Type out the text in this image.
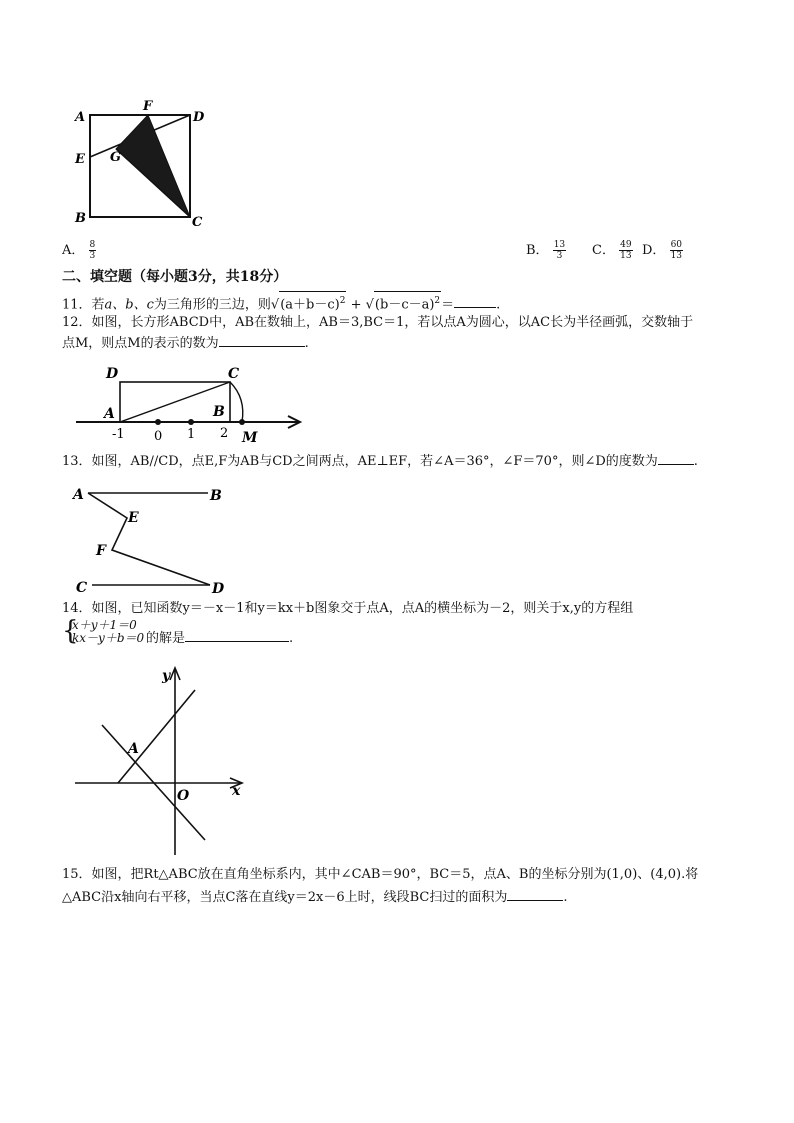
A
B	C
D
E
F
G
A． $\frac{8}{3}$	B． $\frac{13}{3}$ C． $\frac{49}{13}$ D． $\frac{60}{13}$
二、填空题（每小题3分，共18分）
11．若a、b、c为三角形的三边，则$√(a+b-c)^2 + √(b-c-a)^2=$	.
12．如图，长方形ABCD中，AB在数轴上，AB＝3,BC＝1，若以点A为圆心，以AC长为半径画弧，交数轴于
点M，则点M的表示的数为	.
D	C
A	B
M
-1 0 1 2
13．如图，AB//CD，点E,F为AB与CD之间两点，AE⊥EF，若∠A＝36°，∠F＝70°，则∠D的度数为	.
A	B
E
F
C	D
14．如图，已知函数y＝－x－1和y＝kx＋b图象交于点A，点A的横坐标为－2，则关于x,y的方程组
{
x＋y＋1＝0
kx－y＋b＝0 的解是	.
y
x
A
O
15．如图，把Rt△ABC放在直角坐标系内，其中∠CAB＝90°，BC＝5，点A、B的坐标分别为(1,0)、(4,0).将
△ABC沿x轴向右平移，当点C落在直线y＝2x－6上时，线段BC扫过的面积为	.
